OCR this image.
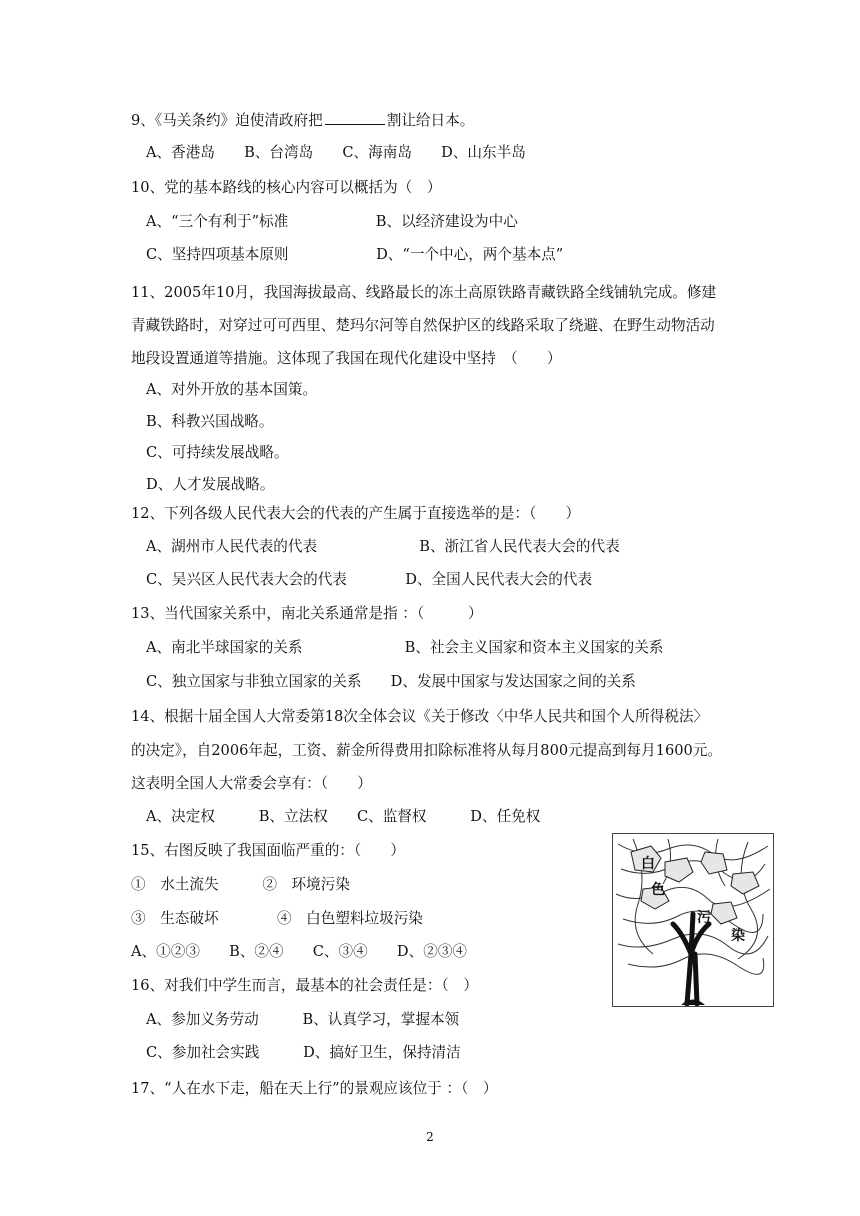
9、《马关条约》迫使清政府把	割让给日本。
A、香港岛　　B、台湾岛　　C、海南岛　　D、山东半岛
10、党的基本路线的核心内容可以概括为（　）
A、“三个有利于”标准　　　　　　B、以经济建设为中心
C、坚持四项基本原则　　　　　　D、“一个中心，两个基本点”
11、2005年10月，我国海拔最高、线路最长的冻土高原铁路青藏铁路全线铺轨完成。修建
青藏铁路时，对穿过可可西里、楚玛尔河等自然保护区的线路采取了绕避、在野生动物活动
地段设置通道等措施。这体现了我国在现代化建设中坚持　（　　）
A、对外开放的基本国策。
B、科教兴国战略。
C、可持续发展战略。
D、人才发展战略。
12、下列各级人民代表大会的代表的产生属于直接选举的是：（　　）
A、湖州市人民代表的代表　　　　　　　B、浙江省人民代表大会的代表
C、吴兴区人民代表大会的代表　　　　D、全国人民代表大会的代表
13、当代国家关系中，南北关系通常是指 ：（　　　）
A、南北半球国家的关系　　　　　　　B、社会主义国家和资本主义国家的关系
C、独立国家与非独立国家的关系　　D、发展中国家与发达国家之间的关系
14、根据十届全国人大常委第18次全体会议《关于修改〈中华人民共和国个人所得税法〉
的决定》，自2006年起，工资、薪金所得费用扣除标准将从每月800元提高到每月1600元。
这表明全国人大常委会享有：（　　）
A、决定权　　　B、立法权　　C、监督权　　　D、任免权
15、右图反映了我国面临严重的：（　　）
①　水土流失　　　②　环境污染
③　生态破坏　　　　④　白色塑料垃圾污染
A、①②③　　B、②④　　C、③④　　D、②③④
16、对我们中学生而言，最基本的社会责任是：（　）
A、参加义务劳动　　　B、认真学习，掌握本领
C、参加社会实践　　　D、搞好卫生，保持清洁
17、“人在水下走，船在天上行”的景观应该位于 ：（　）
白
色
污
染
2
